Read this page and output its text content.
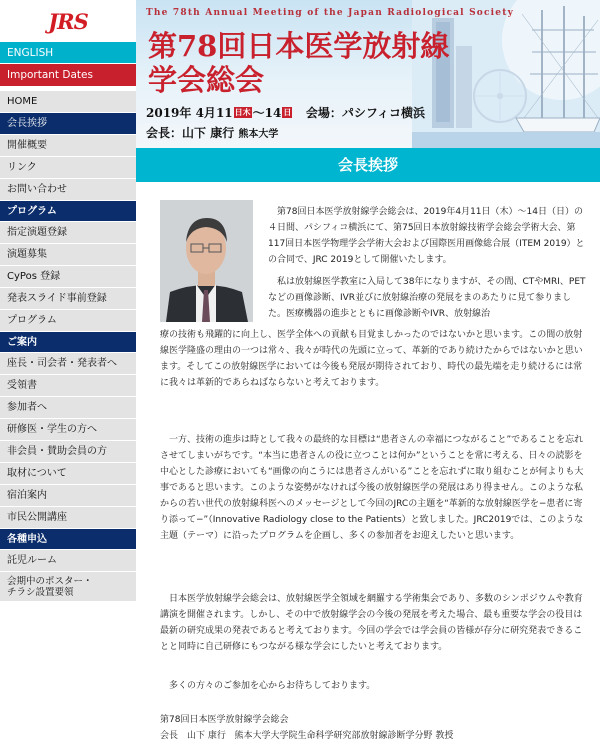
JRS
ENGLISH
Important Dates
HOME
会長挨拶
開催概要
リンク
お問い合わせ
プログラム
指定演題登録
演題募集
CyPos 登録
発表スライド事前登録
プログラム
ご案内
座長・司会者・発表者へ
受領書
参加者へ
研修医・学生の方へ
非会員・賛助会員の方
取材について
宿泊案内
市民公開講座
各種申込
託児ルーム
会期中のポスター・
チラシ設置要領
The 78th Annual Meeting of the Japan Radiological Society
第78回日本医学放射線
学会総会
2019年 4月11 日木 〜14 日 会場：パシフィコ横浜
会長：山下 康行 熊本大学
会長挨拶

第78回日本医学放射線学会総会は、2019年4月11日（木）〜14日（日）の４日間、パシフィコ横浜にて、第75回日本放射線技術学会総会学術大会、第117回日本医学物理学会学術大会および国際医用画像総合展（ITEM 2019）との合同で、JRC 2019として開催いたします。

私は放射線医学教室に入局して38年になりますが、その間、CTやMRI、PETなどの画像診断、IVR並びに放射線治療の発展をまのあたりに見て参りました。医療機器の進歩とともに画像診断やIVR、放射線治

療の技術も飛躍的に向上し、医学全体への貢献も目覚ましかったのではないかと思います。この間の放射線医学隆盛の理由の一つは常々、我々が時代の先頭に立って、革新的であり続けたからではないかと思います。そしてこの放射線医学においては今後も発展が期待されており、時代の最先端を走り続けるには常に我々は革新的であらねばならないと考えております。

一方、技術の進歩は時として我々の最終的な目標は“患者さんの幸福につながること”であることを忘れさせてしまいがちです。“本当に患者さんの役に立つことは何か”ということを常に考える、日々の読影を中心とした診療においても“画像の向こうには患者さんがいる”ことを忘れずに取り組むことが何よりも大事であると思います。このような姿勢がなければ今後の放射線医学の発展はあり得ません。このような私からの若い世代の放射線科医へのメッセージとして今回のJRCの主題を“革新的な放射線医学を−患者に寄り添って−”（Innovative Radiology close to the Patients）と致しました。JRC2019では、このような主題（テーマ）に沿ったプログラムを企画し、多くの参加者をお迎えしたいと思います。

日本医学放射線学会総会は、放射線医学全領域を網羅する学術集会であり、多数のシンポジウムや教育講演を開催されます。しかし、その中で放射線学会の今後の発展を考えた場合、最も重要な学会の役目は最新の研究成果の発表であると考えております。今回の学会では学会員の皆様が存分に研究発表できることと同時に自己研修にもつながる様な学会にしたいと考えております。

多くの方々のご参加を心からお待ちしております。

第78回日本医学放射線学会総会
会長　山下 康行 熊本大学大学院生命科学研究部放射線診断学分野 教授
